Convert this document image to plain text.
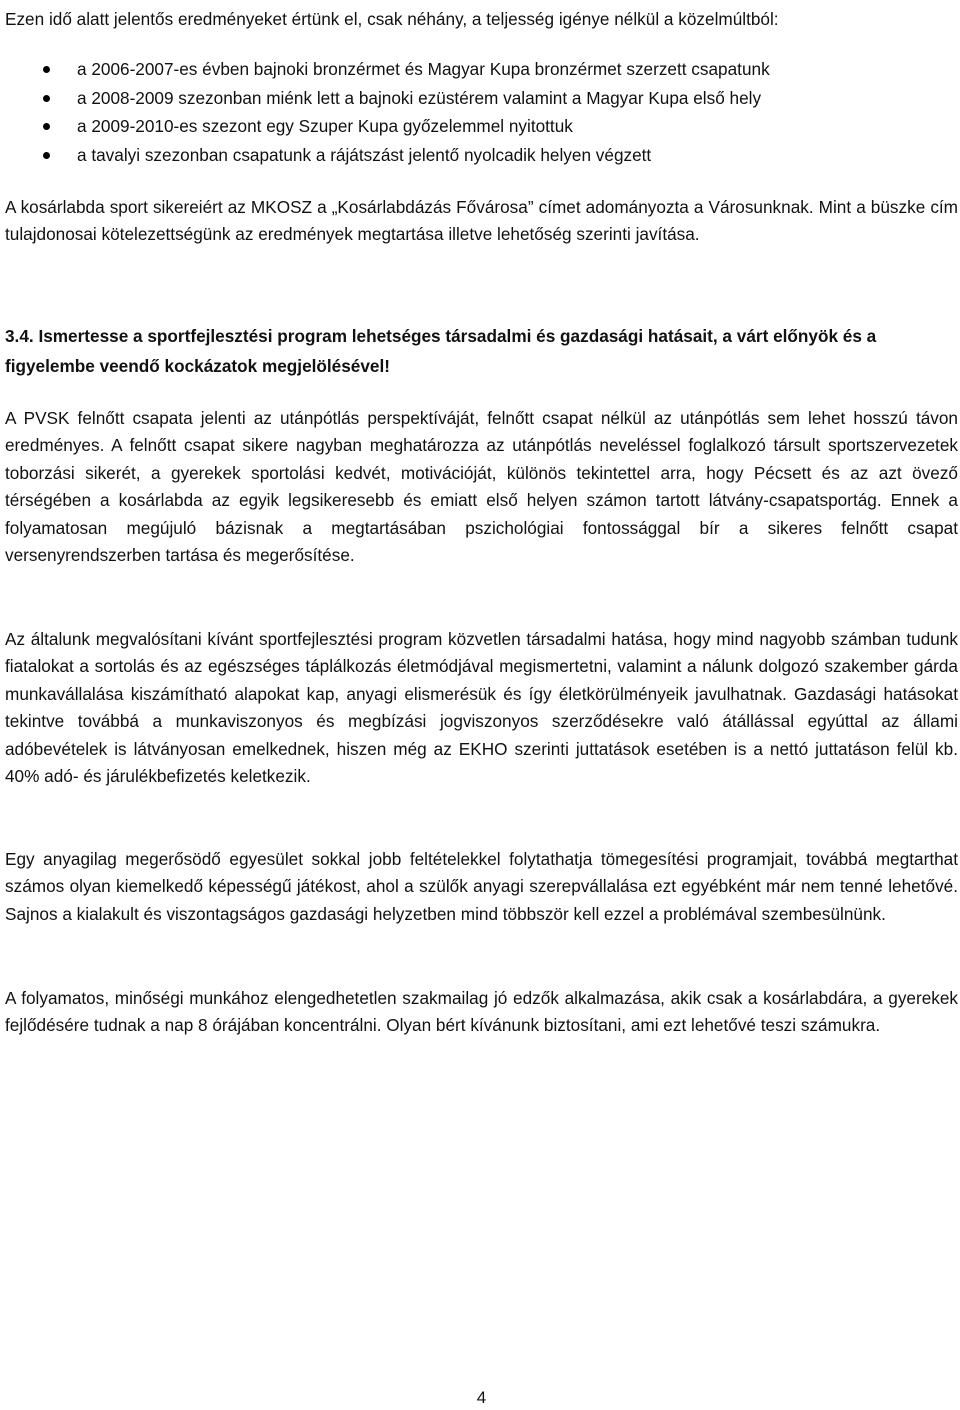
Ezen idő alatt jelentős eredményeket értünk el, csak néhány, a teljesség igénye nélkül a közelmúltból:

a 2006-2007-es évben bajnoki bronzérmet és Magyar Kupa bronzérmet szerzett csapatunk
a 2008-2009 szezonban miénk lett a bajnoki ezüstérem valamint a Magyar Kupa első hely
a 2009-2010-es szezont egy Szuper Kupa győzelemmel nyitottuk
a tavalyi szezonban csapatunk a rájátszást jelentő nyolcadik helyen végzett

A kosárlabda sport sikereiért az MKOSZ a „Kosárlabdázás Fővárosa” címet adományozta a Városunknak. Mint a büszke cím tulajdonosai kötelezettségünk az eredmények megtartása illetve lehetőség szerinti javítása.

3.4. Ismertesse a sportfejlesztési program lehetséges társadalmi és gazdasági hatásait, a várt előnyök és a figyelembe veendő kockázatok megjelölésével!

A PVSK felnőtt csapata jelenti az utánpótlás perspektíváját, felnőtt csapat nélkül az utánpótlás sem lehet hosszú távon eredményes. A felnőtt csapat sikere nagyban meghatározza az utánpótlás neveléssel foglalkozó társult sportszervezetek toborzási sikerét, a gyerekek sportolási kedvét, motivációját, különös tekintettel arra, hogy Pécsett és az azt övező térségében a kosárlabda az egyik legsikeresebb és emiatt első helyen számon tartott látvány-csapatsportág. Ennek a folyamatosan megújuló bázisnak a megtartásában pszichológiai fontossággal bír a sikeres felnőtt csapat versenyrendszerben tartása és megerősítése.

Az általunk megvalósítani kívánt sportfejlesztési program közvetlen társadalmi hatása, hogy mind nagyobb számban tudunk fiatalokat a sortolás és az egészséges táplálkozás életmódjával megismertetni, valamint a nálunk dolgozó szakember gárda munkavállalása kiszámítható alapokat kap, anyagi elismerésük és így életkörülményeik javulhatnak. Gazdasági hatásokat tekintve továbbá a munkaviszonyos és megbízási jogviszonyos szerződésekre való átállással egyúttal az állami adóbevételek is látványosan emelkednek, hiszen még az EKHO szerinti juttatások esetében is a nettó juttatáson felül kb. 40% adó- és járulékbefizetés keletkezik.

Egy anyagilag megerősödő egyesület sokkal jobb feltételekkel folytathatja tömegesítési programjait, továbbá megtarthat számos olyan kiemelkedő képességű játékost, ahol a szülők anyagi szerepvállalása ezt egyébként már nem tenné lehetővé. Sajnos a kialakult és viszontagságos gazdasági helyzetben mind többször kell ezzel a problémával szembesülnünk.

A folyamatos, minőségi munkához elengedhetetlen szakmailag jó edzők alkalmazása, akik csak a kosárlabdára, a gyerekek fejlődésére tudnak a nap 8 órájában koncentrálni. Olyan bért kívánunk biztosítani, ami ezt lehetővé teszi számukra.

4
